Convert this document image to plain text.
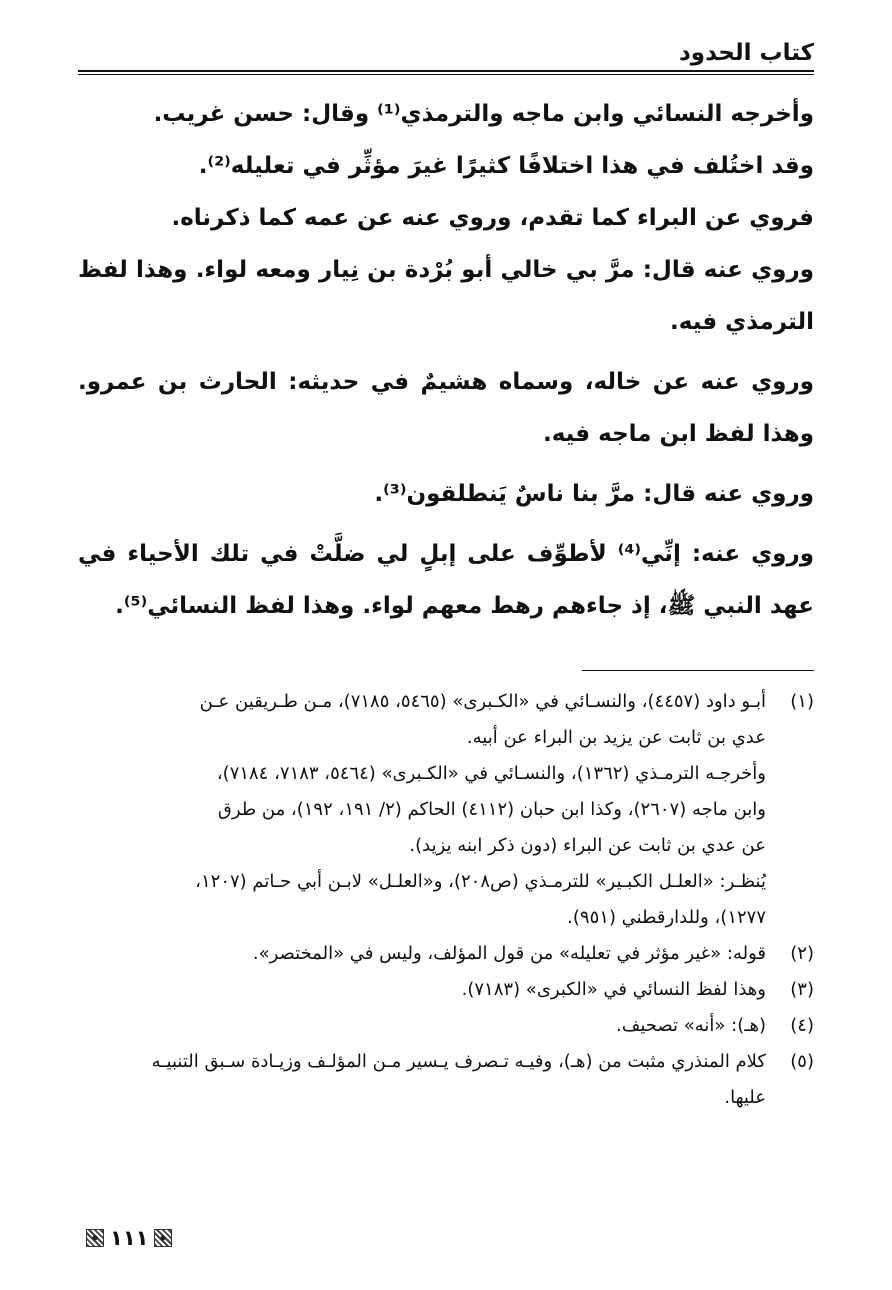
كتاب الحدود

وأخرجه النسائي وابن ماجه والترمذي⁽¹⁾ وقال: حسن غريب.

وقد اختُلف في هذا اختلافًا كثيرًا غيرَ مؤثِّر في تعليله⁽²⁾.

فروي عن البراء كما تقدم، وروي عنه عن عمه كما ذكرناه.

وروي عنه قال: مرَّ بي خالي أبو بُرْدة بن نِيار ومعه لواء. وهذا لفظ الترمذي فيه.

وروي عنه عن خاله، وسماه هشيمٌ في حديثه: الحارث بن عمرو. وهذا لفظ ابن ماجه فيه.

وروي عنه قال: مرَّ بنا ناسٌ يَنطلقون⁽³⁾.

وروي عنه: إنِّي⁽⁴⁾ لأطوِّف على إبلٍ لي ضلَّتْ في تلك الأحياء في عهد النبي ﷺ، إذ جاءهم رهط معهم لواء. وهذا لفظ النسائي⁽⁵⁾.

(١)

أبـو داود (٤٤٥٧)، والنسـائي في «الكـبرى» (٥٤٦٥، ٧١٨٥)، مـن طـريقين عـن

عدي بن ثابت عن يزيد بن البراء عن أبيه.

وأخرجـه الترمـذي (١٣٦٢)، والنسـائي في «الكـبرى» (٥٤٦٤، ٧١٨٣، ٧١٨٤)،

وابن ماجه (٢٦٠٧)، وكذا ابن حبان (٤١١٢) الحاكم (٢/ ١٩١، ١٩٢)، من طرق

عن عدي بن ثابت عن البراء (دون ذكر ابنه يزيد).

يُنظـر: «العلـل الكبـير» للترمـذي (ص٢٠٨)، و«العلـل» لابـن أبي حـاتم (١٢٠٧،

١٢٧٧)، وللدارقطني (٩٥١).

(٢)

قوله: «غير مؤثر في تعليله» من قول المؤلف، وليس في «المختصر».

(٣)

وهذا لفظ النسائي في «الكبرى» (٧١٨٣).

(٤)

(هـ): «أنه» تصحيف.

(٥)

كلام المنذري مثبت من (هـ)، وفيـه تـصرف يـسير مـن المؤلـف وزيـادة سـبق التنبيـه

عليها.

١١١
